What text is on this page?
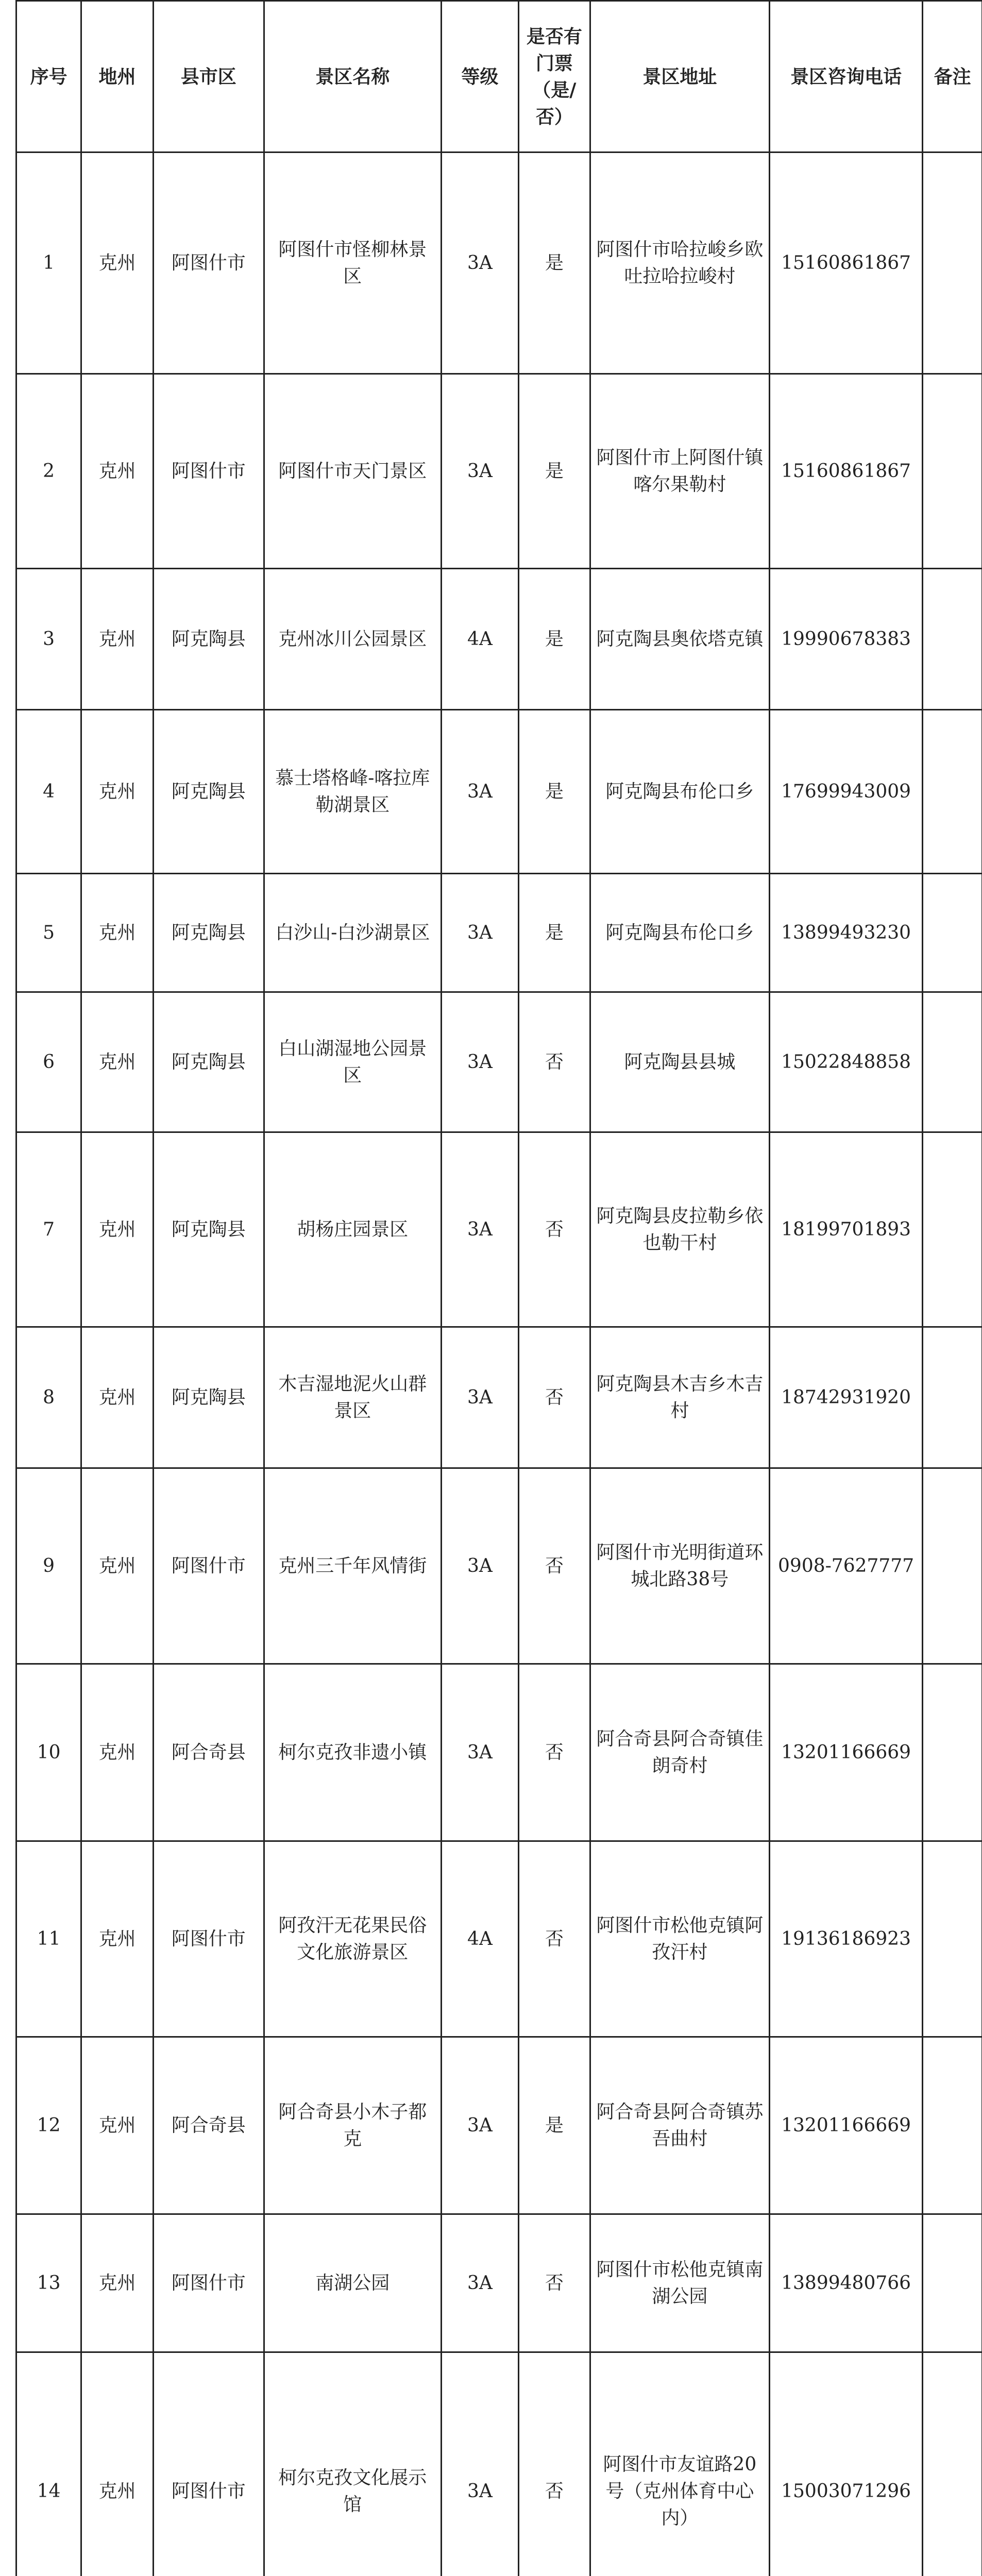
序号	地州	县市区	景区名称	等级	是否有门票（是/否）	景区地址	景区咨询电话	备注
1	克州	阿图什市	阿图什市怪柳林景区	3A	是	阿图什市哈拉峻乡欧吐拉哈拉峻村	15160861867	
2	克州	阿图什市	阿图什市天门景区	3A	是	阿图什市上阿图什镇喀尔果勒村	15160861867	
3	克州	阿克陶县	克州冰川公园景区	4A	是	阿克陶县奥依塔克镇	19990678383	
4	克州	阿克陶县	慕士塔格峰-喀拉库勒湖景区	3A	是	阿克陶县布伦口乡	17699943009	
5	克州	阿克陶县	白沙山-白沙湖景区	3A	是	阿克陶县布伦口乡	13899493230	
6	克州	阿克陶县	白山湖湿地公园景区	3A	否	阿克陶县县城	15022848858	
7	克州	阿克陶县	胡杨庄园景区	3A	否	阿克陶县皮拉勒乡依也勒干村	18199701893	
8	克州	阿克陶县	木吉湿地泥火山群景区	3A	否	阿克陶县木吉乡木吉村	18742931920	
9	克州	阿图什市	克州三千年风情街	3A	否	阿图什市光明街道环城北路38号	0908-7627777	
10	克州	阿合奇县	柯尔克孜非遗小镇	3A	否	阿合奇县阿合奇镇佳朗奇村	13201166669	
11	克州	阿图什市	阿孜汗无花果民俗文化旅游景区	4A	否	阿图什市松他克镇阿孜汗村	19136186923	
12	克州	阿合奇县	阿合奇县小木子都克	3A	是	阿合奇县阿合奇镇苏吾曲村	13201166669	
13	克州	阿图什市	南湖公园	3A	否	阿图什市松他克镇南湖公园	13899480766	
14	克州	阿图什市	柯尔克孜文化展示馆	3A	否	阿图什市友谊路20号（克州体育中心内）	15003071296	
